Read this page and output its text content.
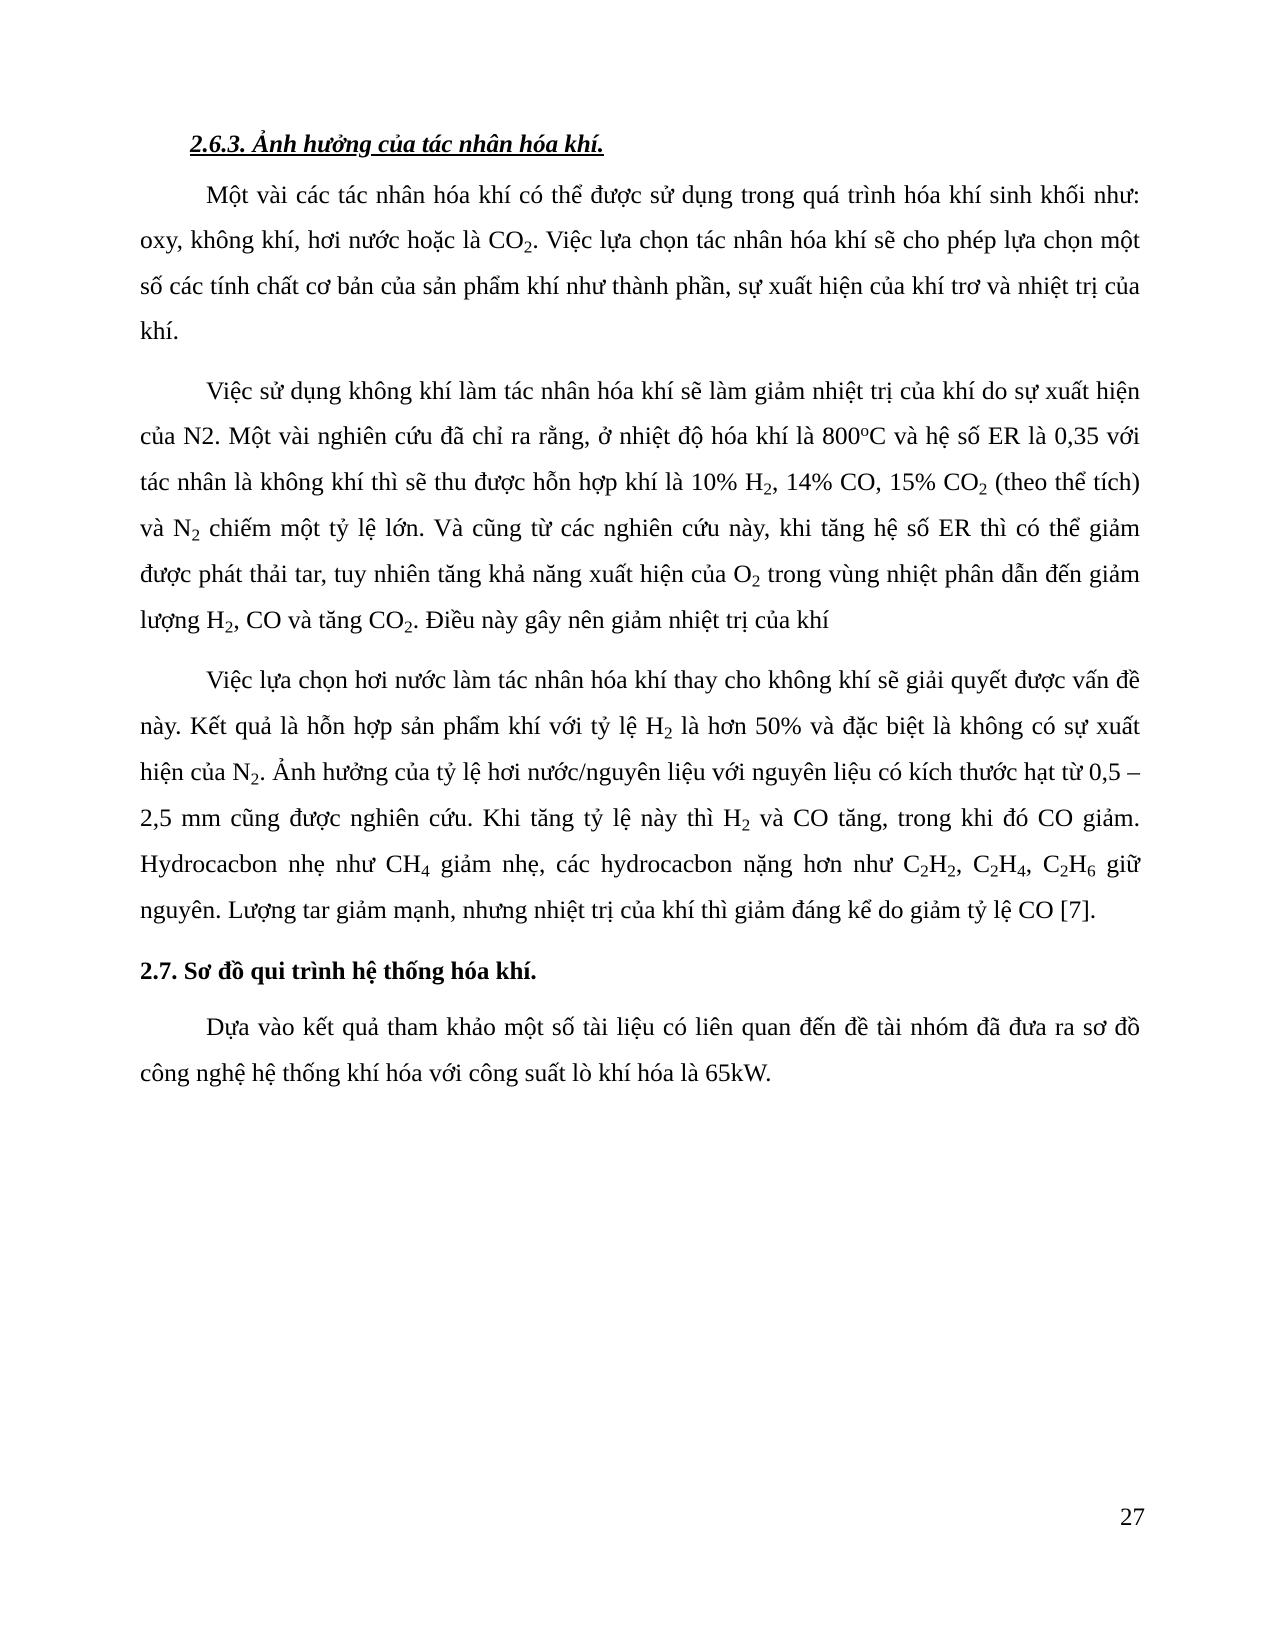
2.6.3. Ảnh hưởng của tác nhân hóa khí.

Một vài các tác nhân hóa khí có thể được sử dụng trong quá trình hóa khí sinh khối như: oxy, không khí, hơi nước hoặc là $CO_2$. Việc lựa chọn tác nhân hóa khí sẽ cho phép lựa chọn một số các tính chất cơ bản của sản phẩm khí như thành phần, sự xuất hiện của khí trơ và nhiệt trị của khí.

Việc sử dụng không khí làm tác nhân hóa khí sẽ làm giảm nhiệt trị của khí do sự xuất hiện của N2. Một vài nghiên cứu đã chỉ ra rằng, ở nhiệt độ hóa khí là 800$^o$C và hệ số ER là 0,35 với tác nhân là không khí thì sẽ thu được hỗn hợp khí là 10% $H_2$, 14% CO, 15% $CO_2$ (theo thể tích) và $N_2$ chiếm một tỷ lệ lớn. Và cũng từ các nghiên cứu này, khi tăng hệ số ER thì có thể giảm được phát thải tar, tuy nhiên tăng khả năng xuất hiện của $O_2$ trong vùng nhiệt phân dẫn đến giảm lượng $H_2$, CO và tăng $CO_2$. Điều này gây nên giảm nhiệt trị của khí

Việc lựa chọn hơi nước làm tác nhân hóa khí thay cho không khí sẽ giải quyết được vấn đề này. Kết quả là hỗn hợp sản phẩm khí với tỷ lệ $H_2$ là hơn 50% và đặc biệt là không có sự xuất hiện của $N_2$. Ảnh hưởng của tỷ lệ hơi nước/nguyên liệu với nguyên liệu có kích thước hạt từ 0,5 – 2,5 mm cũng được nghiên cứu. Khi tăng tỷ lệ này thì $H_2$ và CO tăng, trong khi đó CO giảm. Hydrocacbon nhẹ như $CH_4$ giảm nhẹ, các hydrocacbon nặng hơn như $C_2H_2$, $C_2H_4$, $C_2H_6$ giữ nguyên. Lượng tar giảm mạnh, nhưng nhiệt trị của khí thì giảm đáng kể do giảm tỷ lệ CO [7].

2.7. Sơ đồ qui trình hệ thống hóa khí.

Dựa vào kết quả tham khảo một số tài liệu có liên quan đến đề tài nhóm đã đưa ra sơ đồ công nghệ hệ thống khí hóa với công suất lò khí hóa là 65kW.

27
